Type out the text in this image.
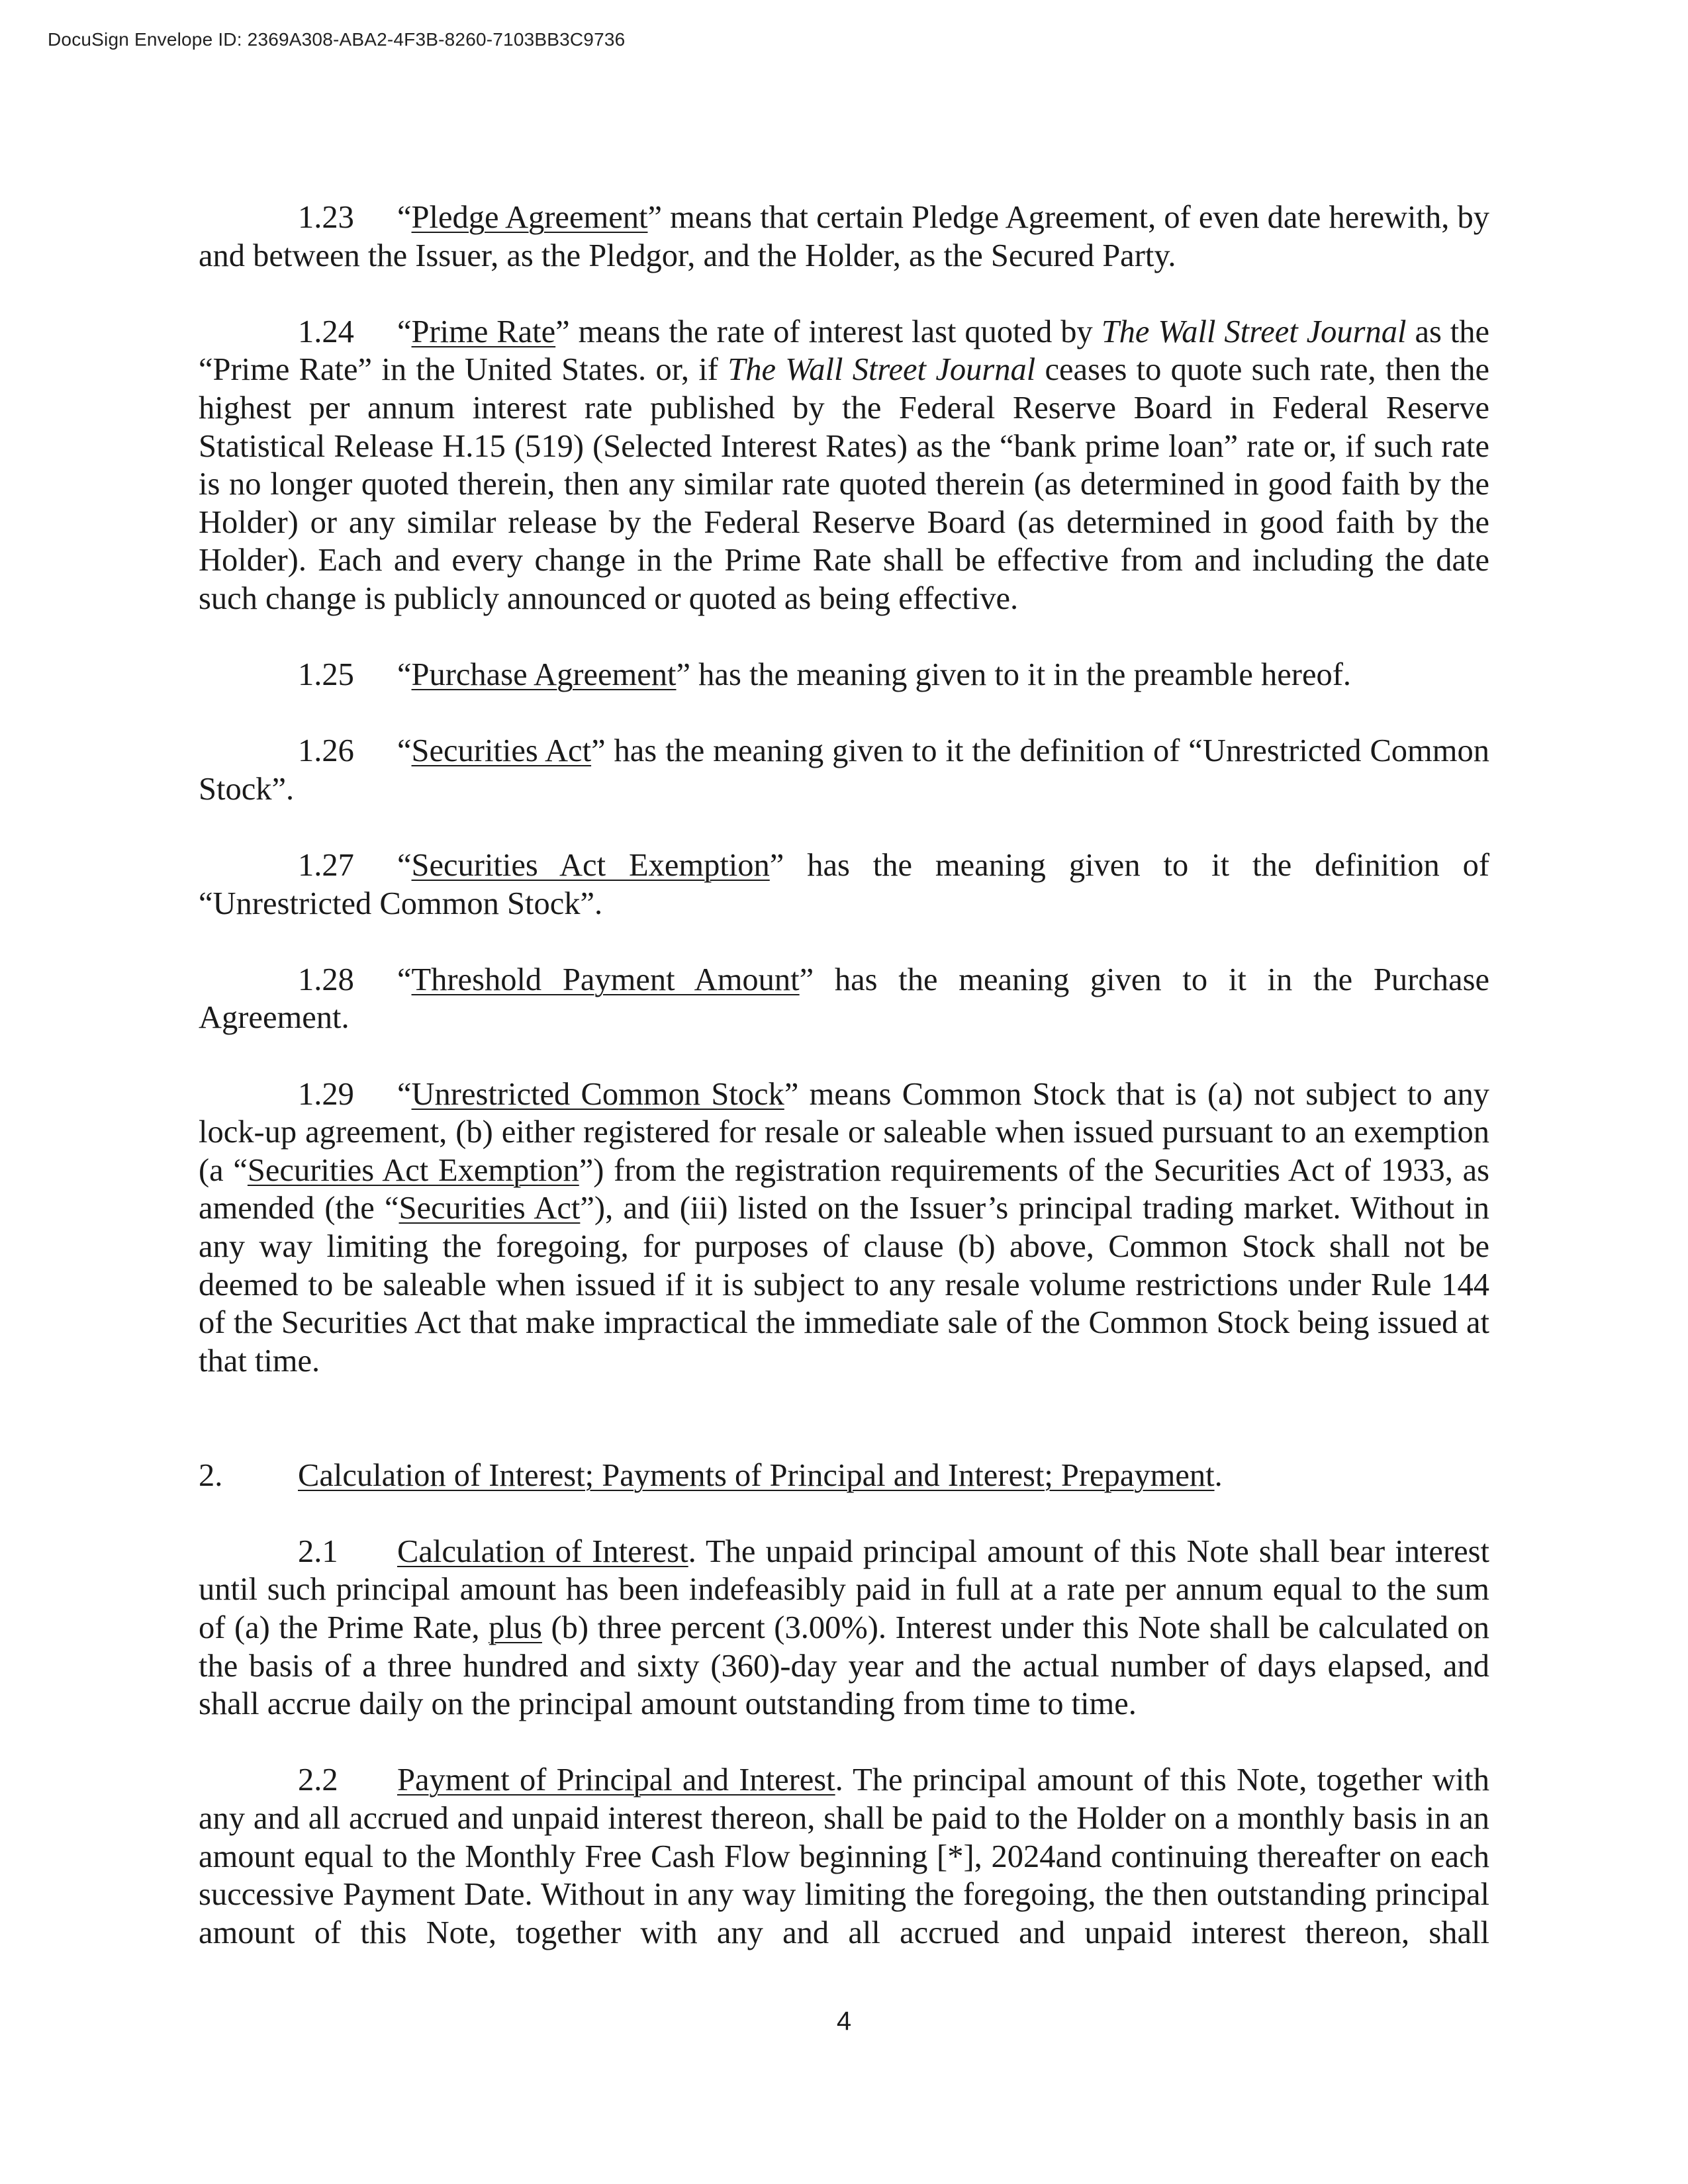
DocuSign Envelope ID: 2369A308-ABA2-4F3B-8260-7103BB3C9736

1.23 “Pledge Agreement” means that certain Pledge Agreement, of even date herewith, by and between the Issuer, as the Pledgor, and the Holder, as the Secured Party.

1.24 “Prime Rate” means the rate of interest last quoted by The Wall Street Journal as the “Prime Rate” in the United States. or, if The Wall Street Journal ceases to quote such rate, then the highest per annum interest rate published by the Federal Reserve Board in Federal Reserve Statistical Release H.15 (519) (Selected Interest Rates) as the “bank prime loan” rate or, if such rate is no longer quoted therein, then any similar rate quoted therein (as determined in good faith by the Holder) or any similar release by the Federal Reserve Board (as determined in good faith by the Holder). Each and every change in the Prime Rate shall be effective from and including the date such change is publicly announced or quoted as being effective.

1.25 “Purchase Agreement” has the meaning given to it in the preamble hereof.

1.26 “Securities Act” has the meaning given to it the definition of “Unrestricted Common Stock”.

1.27 “Securities Act Exemption” has the meaning given to it the definition of “Unrestricted Common Stock”.

1.28 “Threshold Payment Amount” has the meaning given to it in the Purchase Agreement.

1.29 “Unrestricted Common Stock” means Common Stock that is (a) not subject to any lock-up agreement, (b) either registered for resale or saleable when issued pursuant to an exemption (a “Securities Act Exemption”) from the registration requirements of the Securities Act of 1933, as amended (the “Securities Act”), and (iii) listed on the Issuer’s principal trading market. Without in any way limiting the foregoing, for purposes of clause (b) above, Common Stock shall not be deemed to be saleable when issued if it is subject to any resale volume restrictions under Rule 144 of the Securities Act that make impractical the immediate sale of the Common Stock being issued at that time.

2. Calculation of Interest; Payments of Principal and Interest; Prepayment.

2.1 Calculation of Interest. The unpaid principal amount of this Note shall bear interest until such principal amount has been indefeasibly paid in full at a rate per annum equal to the sum of (a) the Prime Rate, plus (b) three percent (3.00%). Interest under this Note shall be calculated on the basis of a three hundred and sixty (360)-day year and the actual number of days elapsed, and shall accrue daily on the principal amount outstanding from time to time.

2.2 Payment of Principal and Interest. The principal amount of this Note, together with any and all accrued and unpaid interest thereon, shall be paid to the Holder on a monthly basis in an amount equal to the Monthly Free Cash Flow beginning [*], 2024and continuing thereafter on each successive Payment Date. Without in any way limiting the foregoing, the then outstanding principal amount of this Note, together with any and all accrued and unpaid interest thereon, shall

4
